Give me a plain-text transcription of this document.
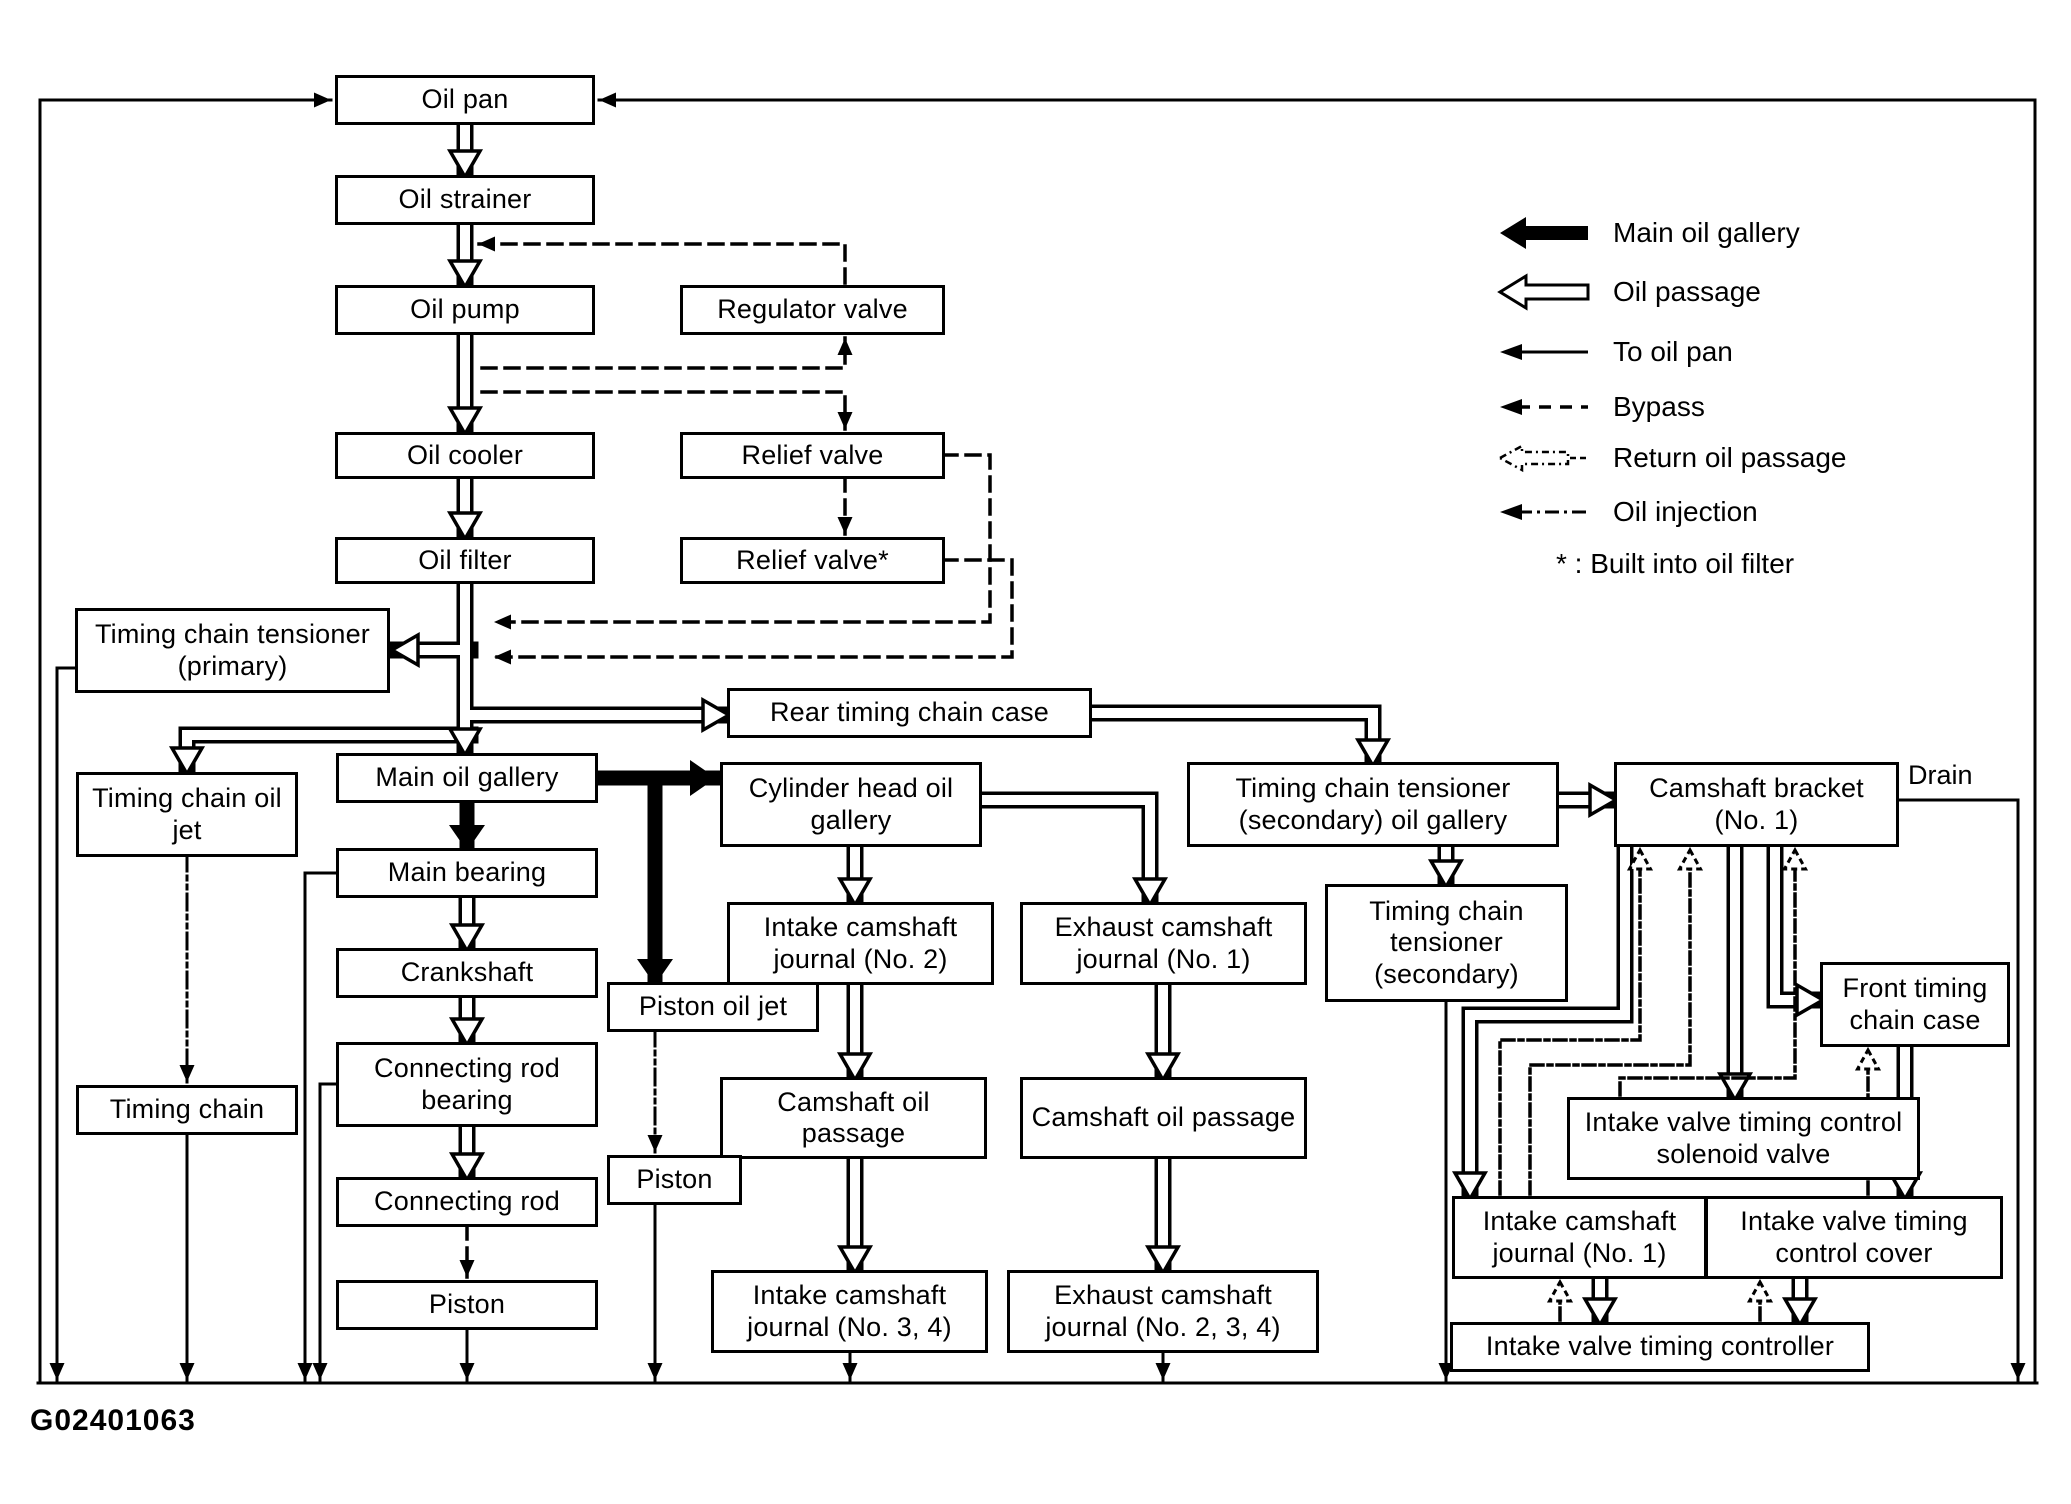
Main oil gallery
Oil passage
To oil pan
Bypass
Return oil passage
Oil injection
* : Built into oil filter
Drain
G02401063
Oil pan
Oil strainer
Oil pump	Regulator valve
Oil cooler	Relief valve
Oil filter	Relief valve*
Timing chain tensioner (primary)
Rear timing chain case
Timing chain oil jet
Main oil gallery	Cylinder head oil gallery
Timing chain tensioner (secondary) oil gallery
Camshaft bracket (No. 1)
Main bearing
Intake camshaft journal (No. 2)
Exhaust camshaft journal (No. 1)
Timing chain tensioner (secondary)
Crankshaft
Piston oil jet
Front timing chain case
Connecting rod bearing	Camshaft oil passage
Camshaft oil passage	Intake valve timing control solenoid valve
Connecting rod
Piston
Timing chain
Piston	Intake camshaft journal (No. 3, 4)
Exhaust camshaft journal (No. 2, 3, 4)
Intake camshaft journal (No. 1)
Intake valve timing control cover
Intake valve timing controller
